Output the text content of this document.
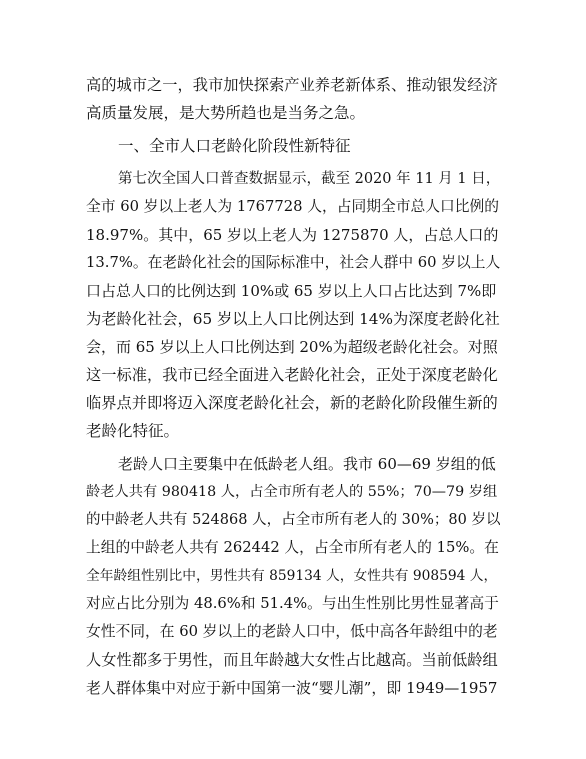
高的城市之一，我市加快探索产业养老新体系、推动银发经济
高质量发展，是大势所趋也是当务之急。
一、全市人口老龄化阶段性新特征
第七次全国人口普查数据显示，截至 2020 年 11 月 1 日，
全市 60 岁以上老人为 1767728 人，占同期全市总人口比例的
18.97%。其中，65 岁以上老人为 1275870 人，占总人口的
13.7%。在老龄化社会的国际标准中，社会人群中 60 岁以上人
口占总人口的比例达到 10%或 65 岁以上人口占比达到 7%即
为老龄化社会，65 岁以上人口比例达到 14%为深度老龄化社
会，而 65 岁以上人口比例达到 20%为超级老龄化社会。对照
这一标准，我市已经全面进入老龄化社会，正处于深度老龄化
临界点并即将迈入深度老龄化社会，新的老龄化阶段催生新的
老龄化特征。
老龄人口主要集中在低龄老人组。我市 60—69 岁组的低
龄老人共有 980418 人，占全市所有老人的 55%；70—79 岁组
的中龄老人共有 524868 人，占全市所有老人的 30%；80 岁以
上组的中龄老人共有 262442 人，占全市所有老人的 15%。在
全年龄组性别比中，男性共有 859134 人，女性共有 908594 人，
对应占比分别为 48.6%和 51.4%。与出生性别比男性显著高于
女性不同，在 60 岁以上的老龄人口中，低中高各年龄组中的老
人女性都多于男性，而且年龄越大女性占比越高。当前低龄组
老人群体集中对应于新中国第一波“婴儿潮”，即 1949—1957
